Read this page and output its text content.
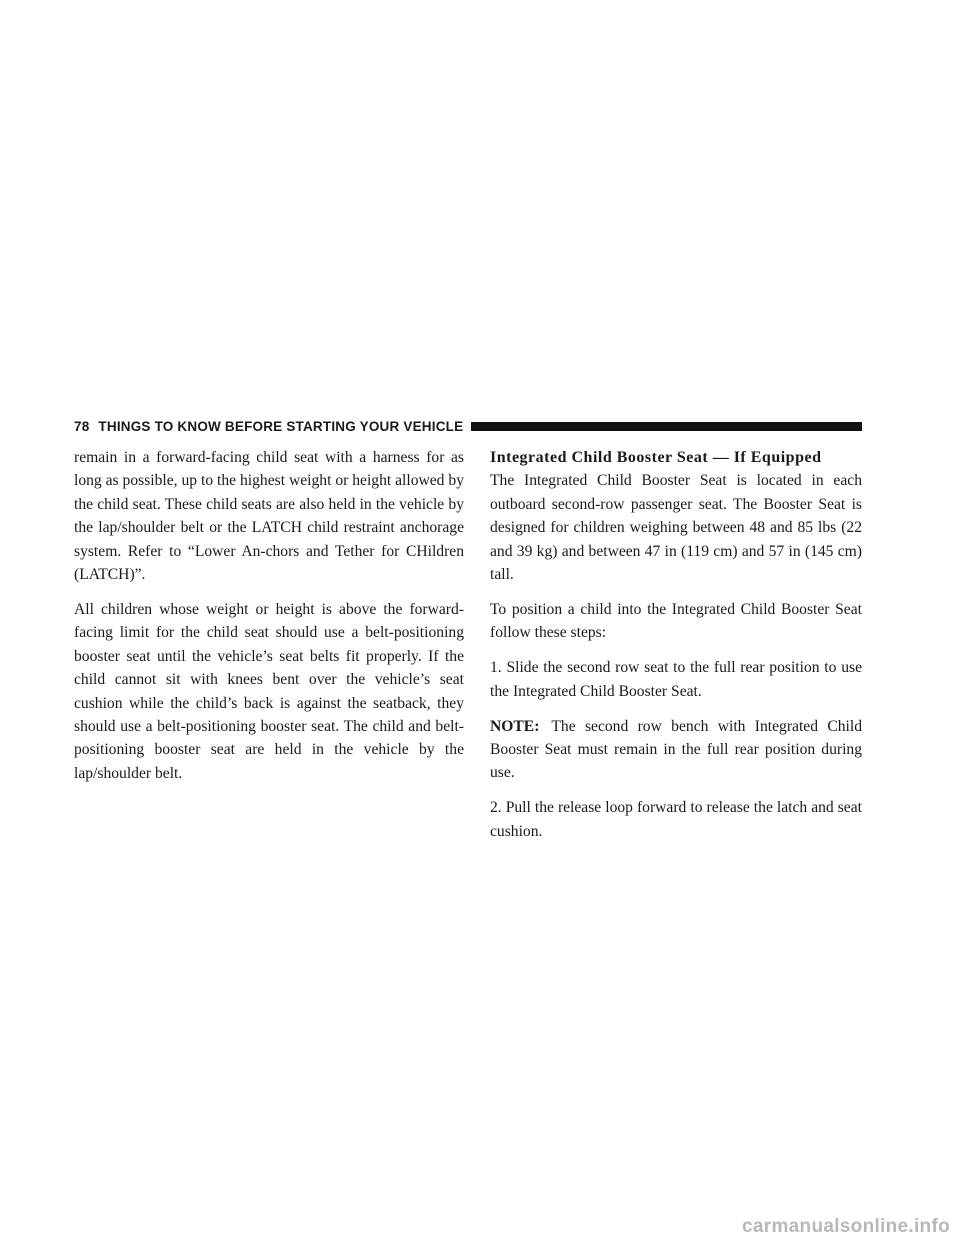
78 THINGS TO KNOW BEFORE STARTING YOUR VEHICLE

remain in a forward-facing child seat with a harness for as long as possible, up to the highest weight or height allowed by the child seat. These child seats are also held in the vehicle by the lap/shoulder belt or the LATCH child restraint anchorage system. Refer to “Lower An-chors and Tether for CHildren (LATCH)”.

All children whose weight or height is above the forward-facing limit for the child seat should use a belt-positioning booster seat until the vehicle’s seat belts fit properly. If the child cannot sit with knees bent over the vehicle’s seat cushion while the child’s back is against the seatback, they should use a belt-positioning booster seat. The child and belt-positioning booster seat are held in the vehicle by the lap/shoulder belt.

Integrated Child Booster Seat — If Equipped

The Integrated Child Booster Seat is located in each outboard second-row passenger seat. The Booster Seat is designed for children weighing between 48 and 85 lbs (22 and 39 kg) and between 47 in (119 cm) and 57 in (145 cm) tall.

To position a child into the Integrated Child Booster Seat follow these steps:

1. Slide the second row seat to the full rear position to use the Integrated Child Booster Seat.

NOTE: The second row bench with Integrated Child Booster Seat must remain in the full rear position during use.

2. Pull the release loop forward to release the latch and seat cushion.

carmanualsonline.info
